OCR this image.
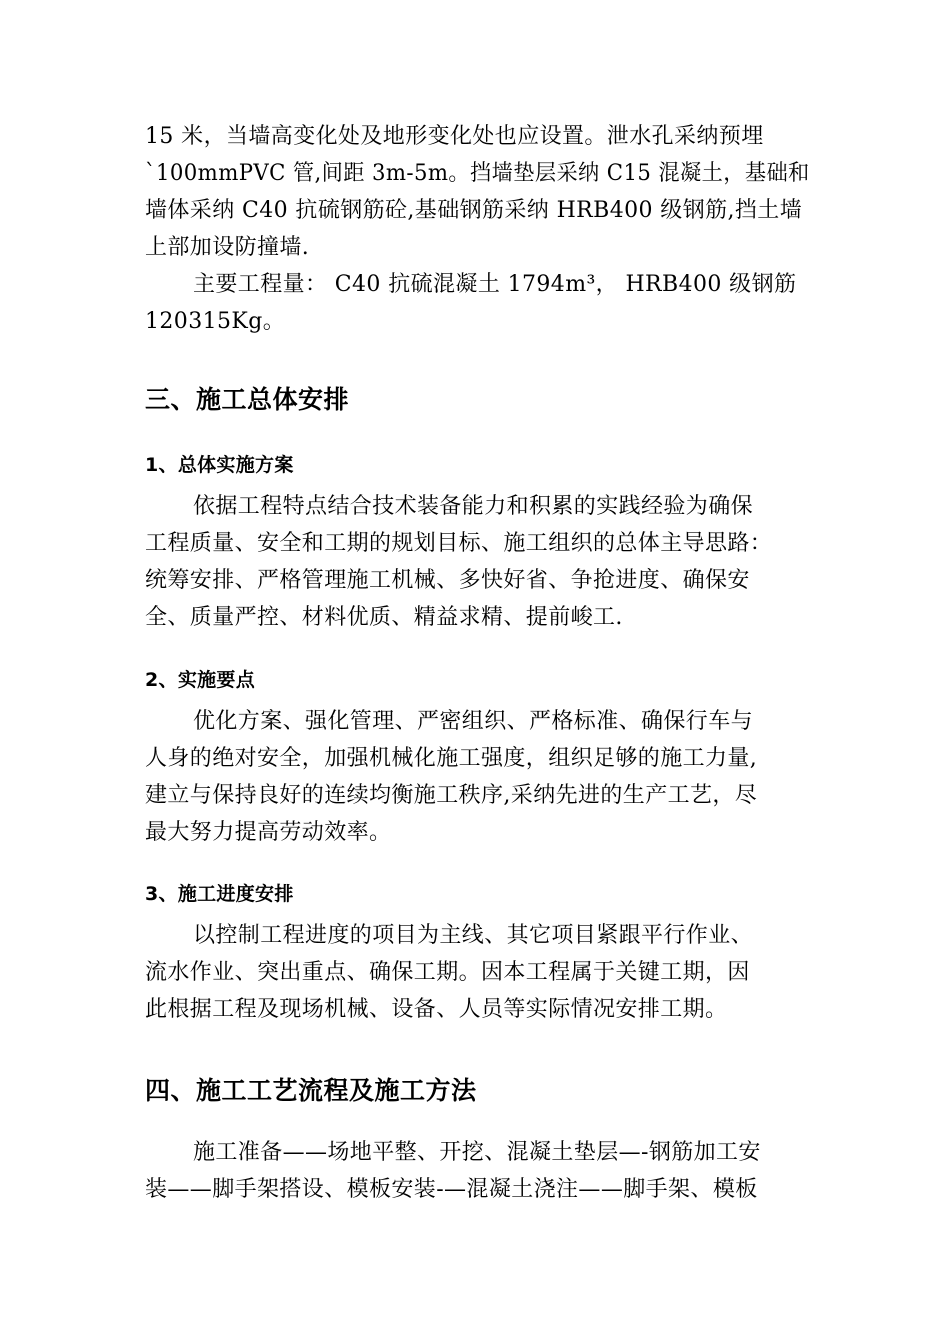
15 米，当墙高变化处及地形变化处也应设置。泄水孔采纳预埋
`100mmPVC 管,间距 3m-5m。挡墙垫层采纳 C15 混凝土，基础和
墙体采纳 C40 抗硫钢筋砼,基础钢筋采纳 HRB400 级钢筋,挡土墙
上部加设防撞墙.
主要工程量： C40 抗硫混凝土 1794m³， HRB400 级钢筋
120315Kg。
三、施工总体安排
1、总体实施方案
依据工程特点结合技术装备能力和积累的实践经验为确保
工程质量、安全和工期的规划目标、施工组织的总体主导思路：
统筹安排、严格管理施工机械、多快好省、争抢进度、确保安
全、质量严控、材料优质、精益求精、提前峻工.
2、实施要点
优化方案、强化管理、严密组织、严格标准、确保行车与
人身的绝对安全，加强机械化施工强度，组织足够的施工力量,
建立与保持良好的连续均衡施工秩序,采纳先进的生产工艺，尽
最大努力提高劳动效率。
3、施工进度安排
以控制工程进度的项目为主线、其它项目紧跟平行作业、
流水作业、突出重点、确保工期。因本工程属于关键工期，因
此根据工程及现场机械、设备、人员等实际情况安排工期。
四、施工工艺流程及施工方法
施工准备——场地平整、开挖、混凝土垫层—-钢筋加工安
装——脚手架搭设、模板安装-—混凝土浇注——脚手架、模板
